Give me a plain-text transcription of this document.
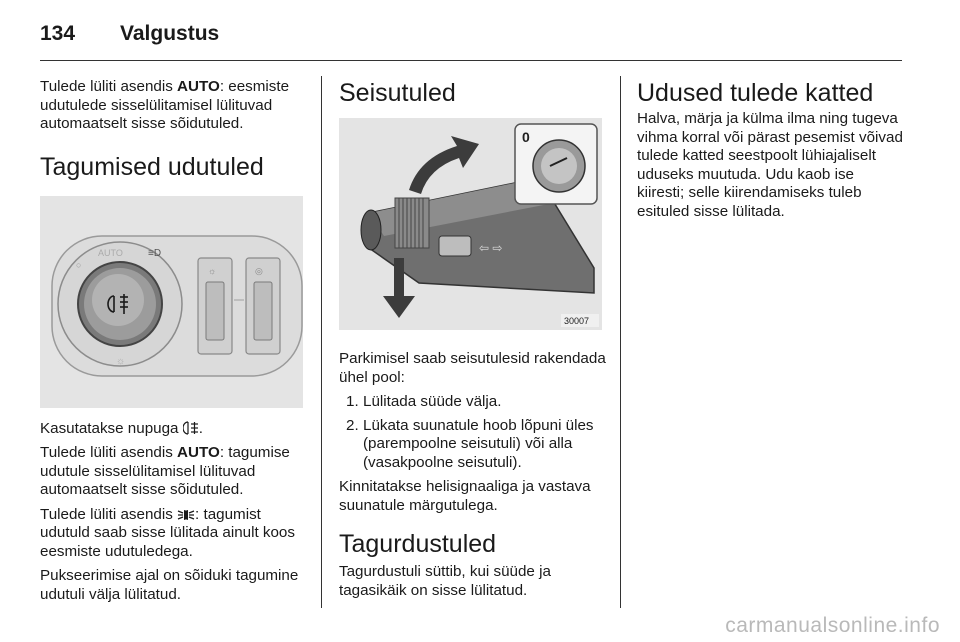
134 Valgustus

Tulede lüliti asendis AUTO: eesmiste udutulede sisselülitamisel lülituvad automaatselt sisse sõidutuled.

Tagumised udutuled
AUTO	≡D
○
☼
☼	◎

Kasutatakse nupuga .

Tulede lüliti asendis AUTO: tagumise udutule sisselülitamisel lülituvad automaatselt sisse sõidutuled.

Tulede lüliti asendis : tagumist udutuld saab sisse lülitada ainult koos eesmiste udutuledega.

Pukseerimise ajal on sõiduki tagumine udutuli välja lülitatud.

Seisutuled
⇦ ⇨
0
30007

Parkimisel saab seisutulesid rakendada ühel pool:

1. Lülitada süüde välja.
2. Lükata suunatule hoob lõpuni üles (parempoolne seisutuli) või alla (vasakpoolne seisutuli).

Kinnitatakse helisignaaliga ja vastava suunatule märgutulega.

Tagurdustuled

Tagurdustuli süttib, kui süüde ja tagasikäik on sisse lülitatud.

Udused tulede katted

Halva, märja ja külma ilma ning tugeva vihma korral või pärast pesemist võivad tulede katted seestpoolt lühiajaliselt uduseks muutuda. Udu kaob ise kiiresti; selle kiirendamiseks tuleb esituled sisse lülitada.

carmanualsonline.info
